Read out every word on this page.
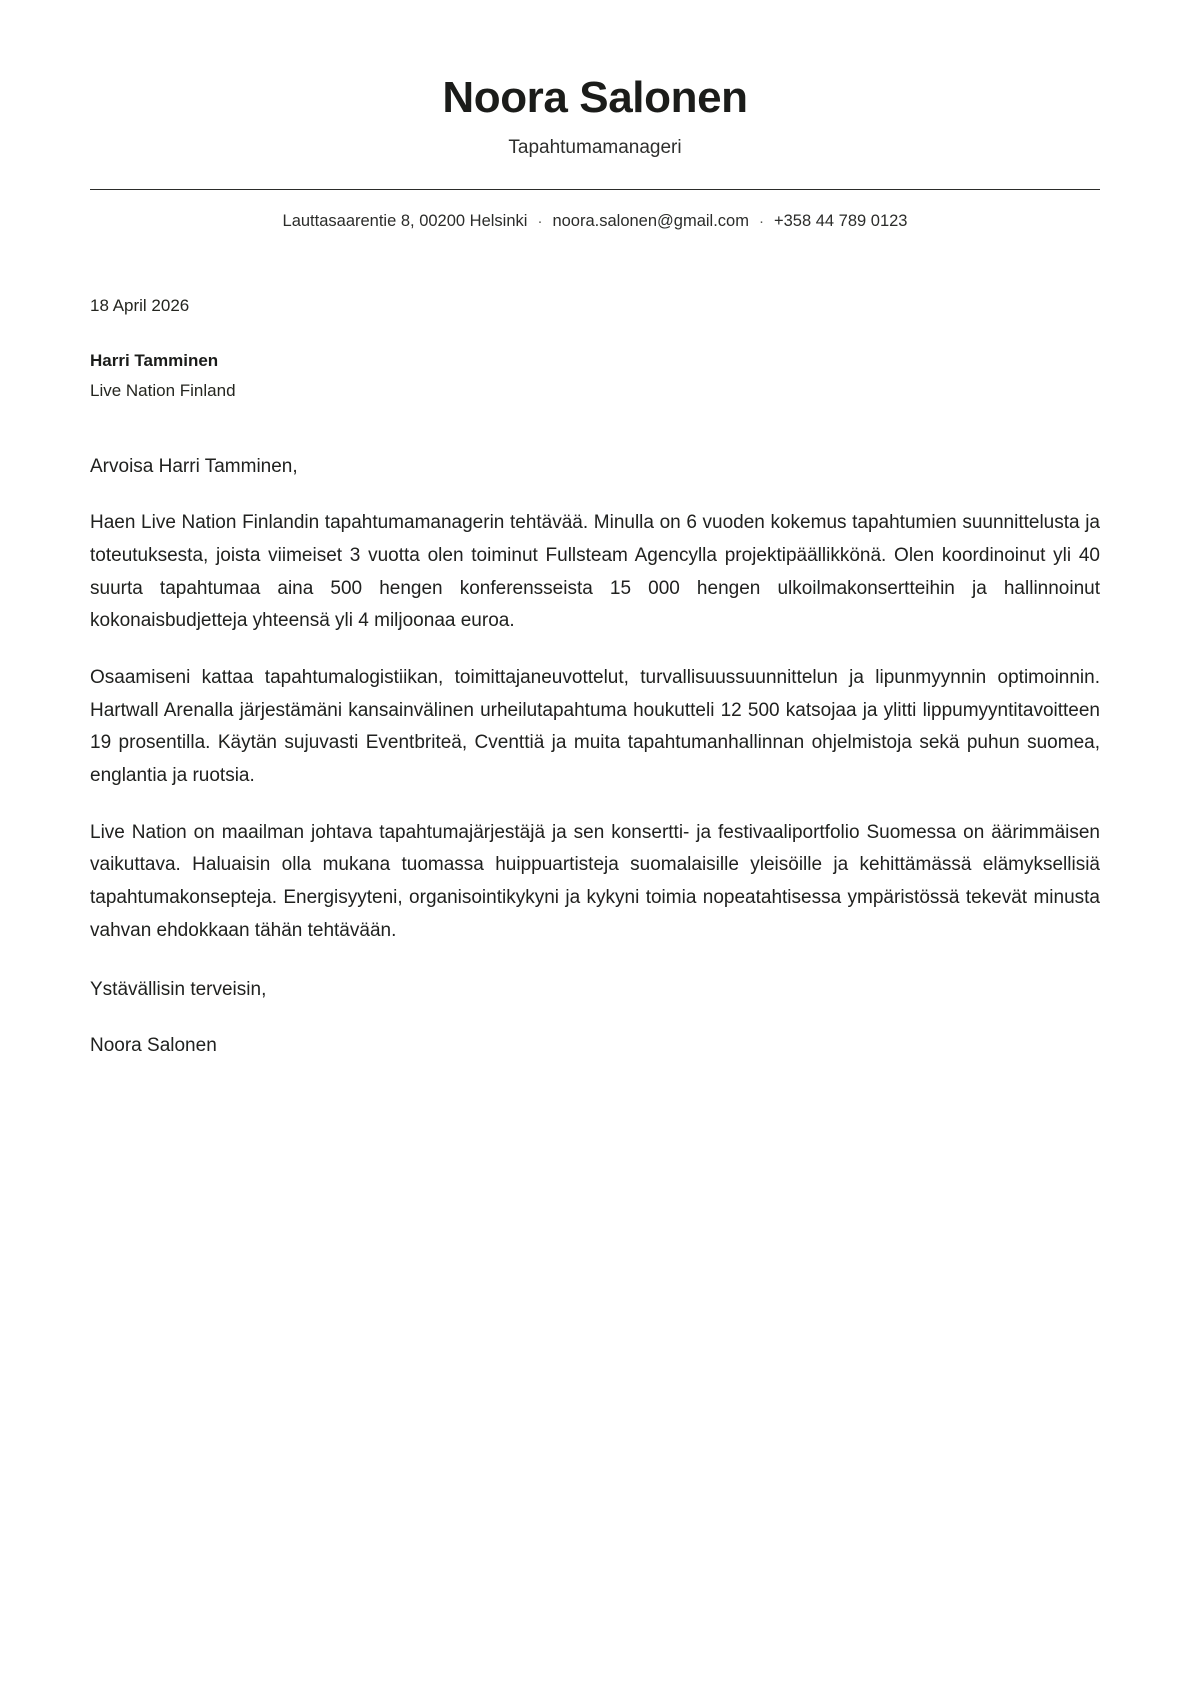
Noora Salonen
Tapahtumamanageri
Lauttasaarentie 8, 00200 Helsinki · noora.salonen@gmail.com · +358 44 789 0123
18 April 2026
Harri Tamminen
Live Nation Finland

Arvoisa Harri Tamminen,

Haen Live Nation Finlandin tapahtumamanagerin tehtävää. Minulla on 6 vuoden kokemus tapahtumien suunnittelusta ja toteutuksesta, joista viimeiset 3 vuotta olen toiminut Fullsteam Agencylla projektipäällikkönä. Olen koordinoinut yli 40 suurta tapahtumaa aina 500 hengen konferensseista 15 000 hengen ulkoilmakonsertteihin ja hallinnoinut kokonaisbudjetteja yhteensä yli 4 miljoonaa euroa.

Osaamiseni kattaa tapahtumalogistiikan, toimittajaneuvottelut, turvallisuussuunnittelun ja lipunmyynnin optimoinnin. Hartwall Arenalla järjestämäni kansainvälinen urheilutapahtuma houkutteli 12 500 katsojaa ja ylitti lippumyyntitavoitteen 19 prosentilla. Käytän sujuvasti Eventbriteä, Cventtiä ja muita tapahtumanhallinnan ohjelmistoja sekä puhun suomea, englantia ja ruotsia.

Live Nation on maailman johtava tapahtumajärjestäjä ja sen konsertti- ja festivaaliportfolio Suomessa on äärimmäisen vaikuttava. Haluaisin olla mukana tuomassa huippuartisteja suomalaisille yleisöille ja kehittämässä elämyksellisiä tapahtumakonsepteja. Energisyyteni, organisointikykyni ja kykyni toimia nopeatahtisessa ympäristössä tekevät minusta vahvan ehdokkaan tähän tehtävään.

Ystävällisin terveisin,

Noora Salonen
